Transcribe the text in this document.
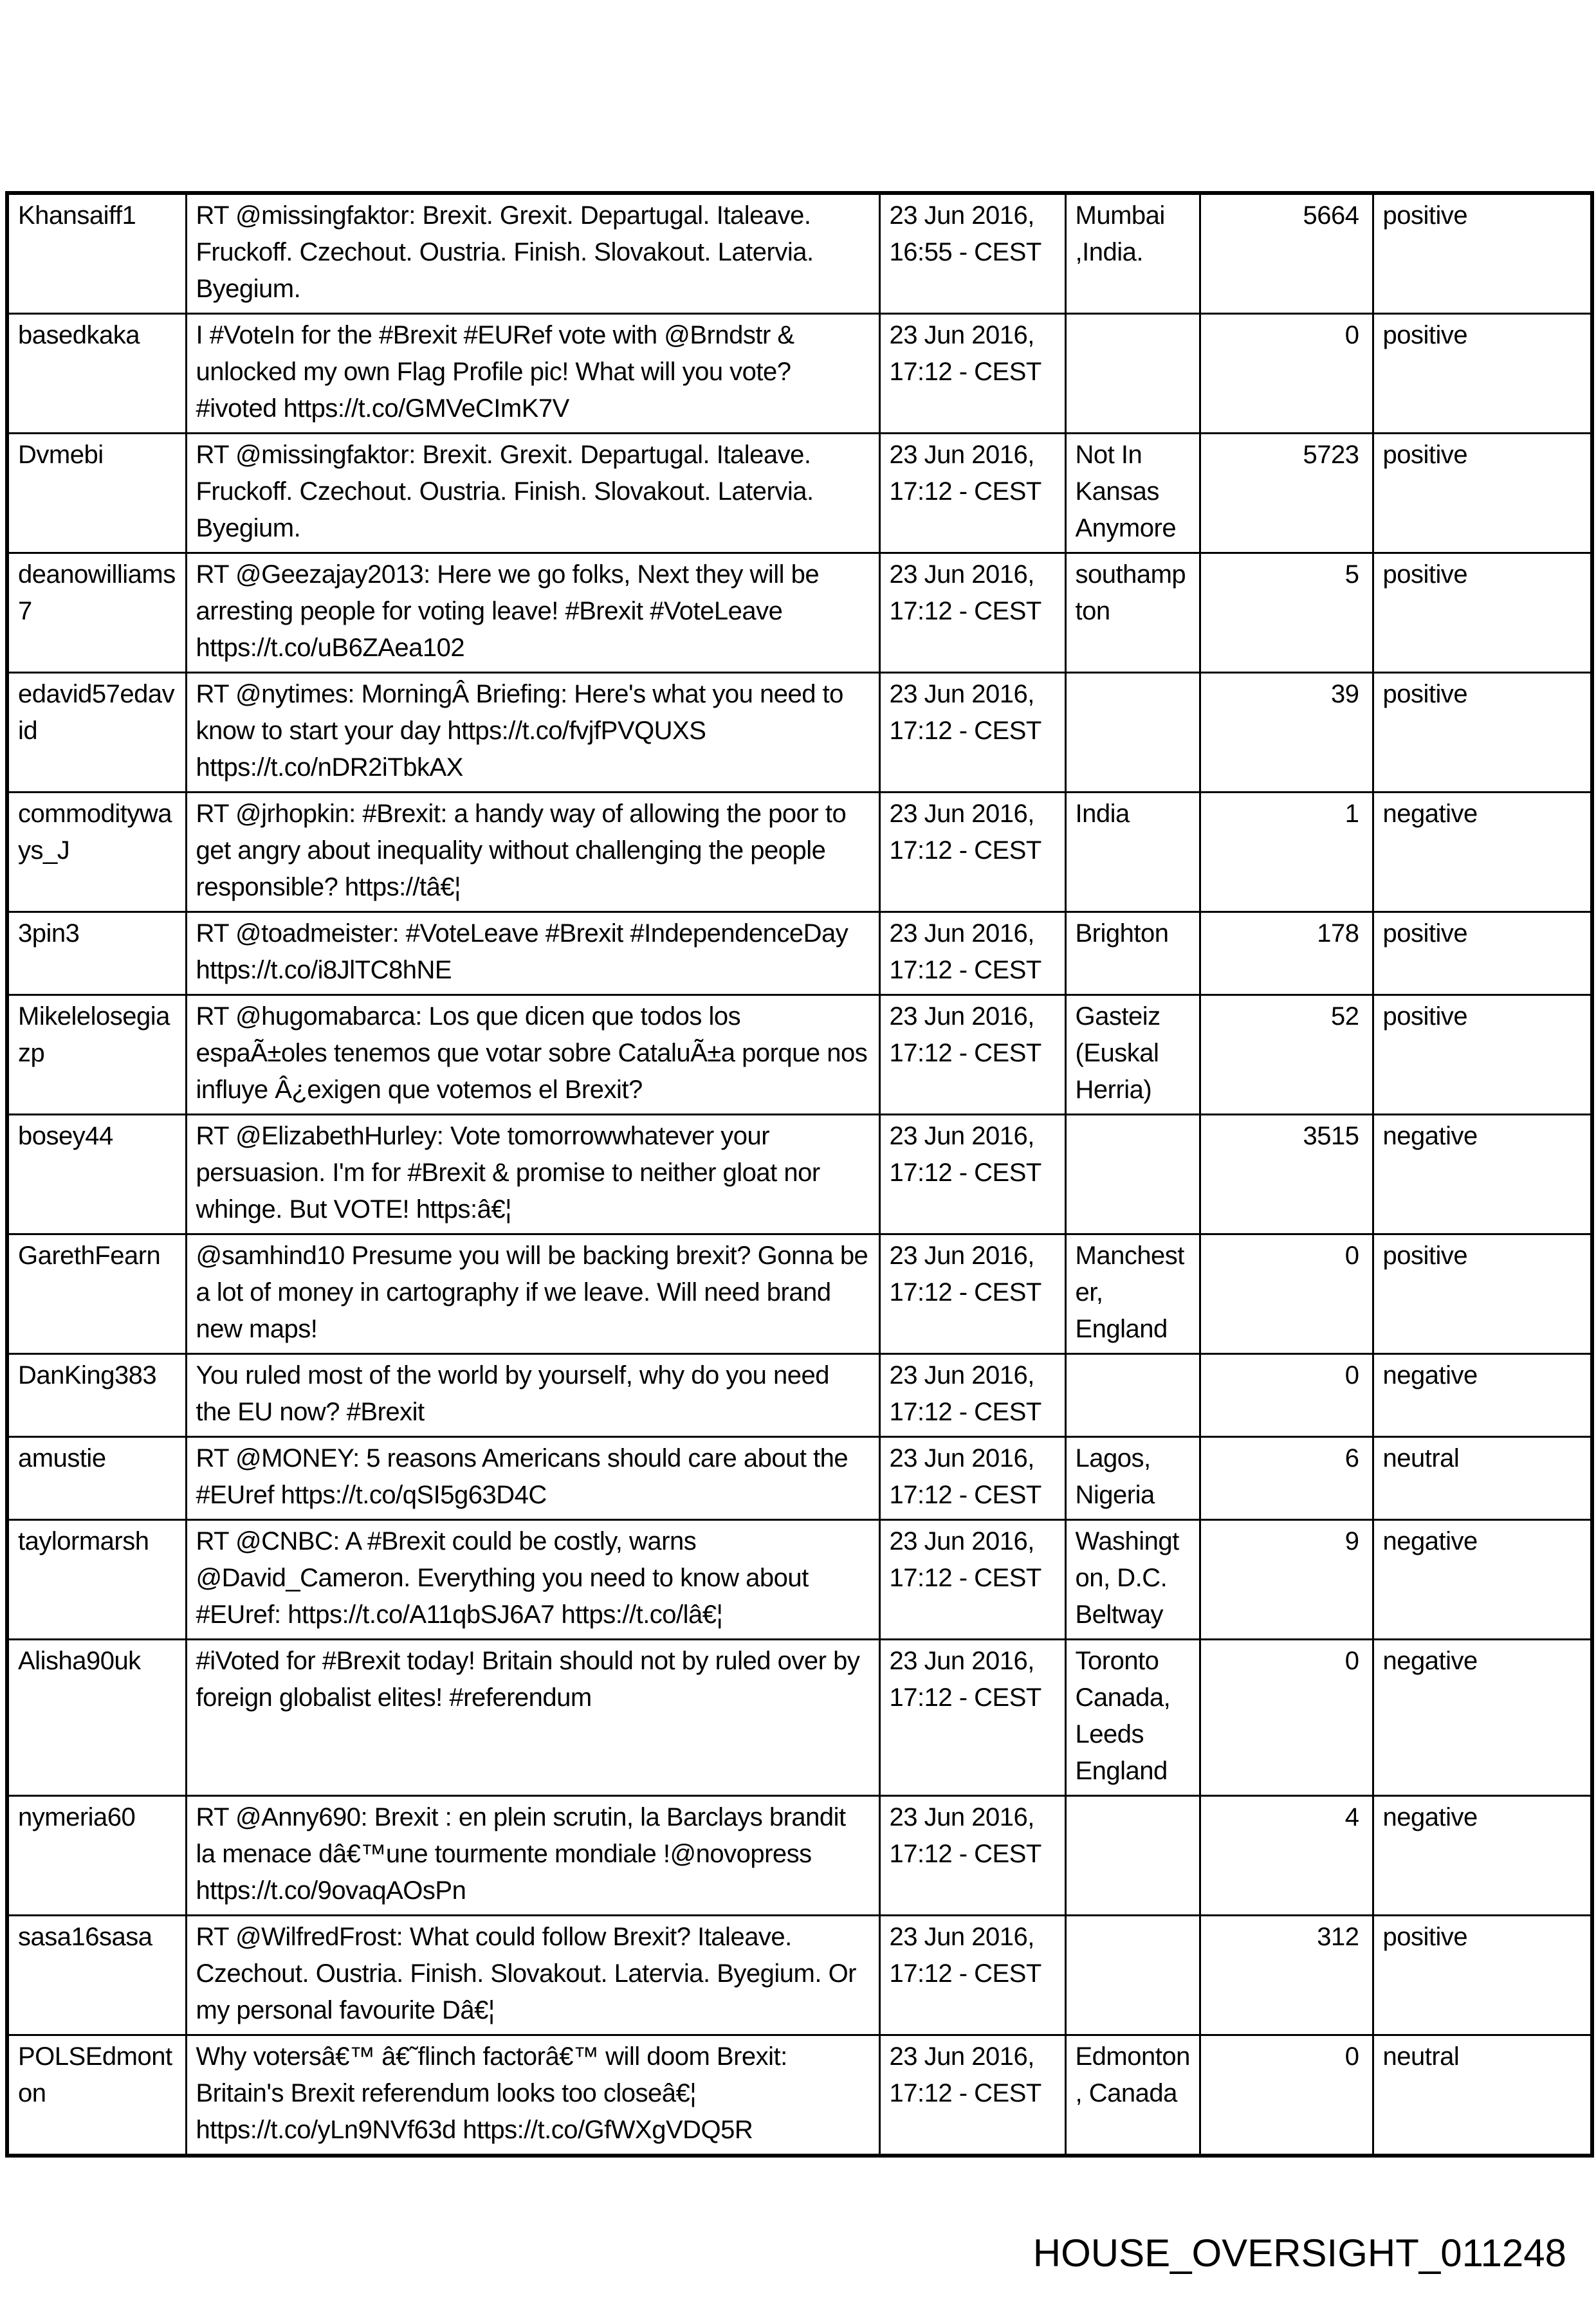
Khansaiff1	RT @missingfaktor: Brexit. Grexit. Departugal. Italeave. Fruckoff. Czechout. Oustria. Finish. Slovakout. Latervia. Byegium.	23 Jun 2016, 16:55 - CEST	Mumbai ,India.	5664	positive
basedkaka	I #VoteIn for the #Brexit #EURef vote with @Brndstr & unlocked my own Flag Profile pic! What will you vote? #ivoted https://t.co/GMVeCImK7V	23 Jun 2016, 17:12 - CEST		0	positive
Dvmebi	RT @missingfaktor: Brexit. Grexit. Departugal. Italeave. Fruckoff. Czechout. Oustria. Finish. Slovakout. Latervia. Byegium.	23 Jun 2016, 17:12 - CEST	Not In Kansas Anymore	5723	positive
deanowilliams7	RT @Geezajay2013: Here we go folks, Next they will be arresting people for voting leave! #Brexit #VoteLeave https://t.co/uB6ZAea102	23 Jun 2016, 17:12 - CEST	southampton	5	positive
edavid57edavid	RT @nytimes: MorningÂ Briefing: Here's what you need to know to start your day https://t.co/fvjfPVQUXS https://t.co/nDR2iTbkAX	23 Jun 2016, 17:12 - CEST		39	positive
commodityways_J	RT @jrhopkin: #Brexit: a handy way of allowing the poor to get angry about inequality without challenging the people responsible? https://tâ€¦	23 Jun 2016, 17:12 - CEST	India	1	negative
3pin3	RT @toadmeister: #VoteLeave #Brexit #IndependenceDay https://t.co/i8JlTC8hNE	23 Jun 2016, 17:12 - CEST	Brighton	178	positive
Mikelelosegiazp	RT @hugomabarca: Los que dicen que todos los espaÃ±oles tenemos que votar sobre CataluÃ±a porque nos influye Â¿exigen que votemos el Brexit?	23 Jun 2016, 17:12 - CEST	Gasteiz (Euskal Herria)	52	positive
bosey44	RT @ElizabethHurley: Vote tomorrowwhatever your persuasion. I'm for #Brexit & promise to neither gloat nor whinge. But VOTE! https:â€¦	23 Jun 2016, 17:12 - CEST		3515	negative
GarethFearn	@samhind10 Presume you will be backing brexit? Gonna be a lot of money in cartography if we leave. Will need brand new maps!	23 Jun 2016, 17:12 - CEST	Manchester, England	0	positive
DanKing383	You ruled most of the world by yourself, why do you need the EU now? #Brexit	23 Jun 2016, 17:12 - CEST		0	negative
amustie	RT @MONEY: 5 reasons Americans should care about the #EUref https://t.co/qSI5g63D4C	23 Jun 2016, 17:12 - CEST	Lagos, Nigeria	6	neutral
taylormarsh	RT @CNBC: A #Brexit could be costly, warns @David_Cameron. Everything you need to know about #EUref: https://t.co/A11qbSJ6A7 https://t.co/lâ€¦	23 Jun 2016, 17:12 - CEST	Washington, D.C. Beltway	9	negative
Alisha90uk	#iVoted for #Brexit today! Britain should not by ruled over by foreign globalist elites! #referendum	23 Jun 2016, 17:12 - CEST	Toronto Canada, Leeds England	0	negative
nymeria60	RT @Anny690: Brexit : en plein scrutin, la Barclays brandit la menace dâ€™une tourmente mondiale !@novopress https://t.co/9ovaqAOsPn	23 Jun 2016, 17:12 - CEST		4	negative
sasa16sasa	RT @WilfredFrost: What could follow Brexit? Italeave. Czechout. Oustria. Finish. Slovakout. Latervia. Byegium. Or my personal favourite Dâ€¦	23 Jun 2016, 17:12 - CEST		312	positive
POLSEdmonton	Why votersâ€™ â€˜flinch factorâ€™ will doom Brexit: Britain's Brexit referendum looks too closeâ€¦ https://t.co/yLn9NVf63d https://t.co/GfWXgVDQ5R	23 Jun 2016, 17:12 - CEST	Edmonton, Canada	0	neutral
HOUSE_OVERSIGHT_011248
